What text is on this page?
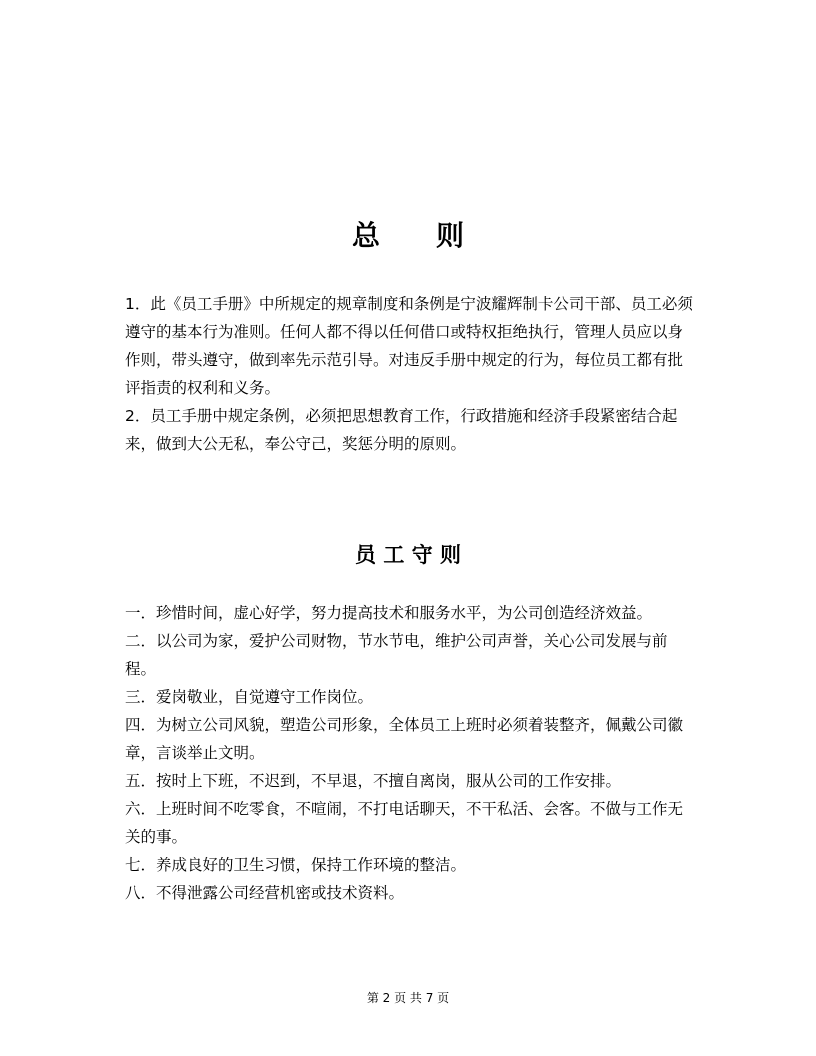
总　　则

1．此《员工手册》中所规定的规章制度和条例是宁波耀辉制卡公司干部、员工必须遵守的基本行为准则。任何人都不得以任何借口或特权拒绝执行，管理人员应以身作则，带头遵守，做到率先示范引导。对违反手册中规定的行为，每位员工都有批评指责的权利和义务。

2．员工手册中规定条例，必须把思想教育工作，行政措施和经济手段紧密结合起来，做到大公无私，奉公守己，奖惩分明的原则。

员 工 守 则

一．珍惜时间，虚心好学，努力提高技术和服务水平，为公司创造经济效益。

二．以公司为家，爱护公司财物，节水节电，维护公司声誉，关心公司发展与前程。

三．爱岗敬业，自觉遵守工作岗位。

四．为树立公司风貌，塑造公司形象，全体员工上班时必须着装整齐，佩戴公司徽章，言谈举止文明。

五．按时上下班，不迟到，不早退，不擅自离岗，服从公司的工作安排。

六．上班时间不吃零食，不喧闹，不打电话聊天，不干私活、会客。不做与工作无关的事。

七．养成良好的卫生习惯，保持工作环境的整洁。

八．不得泄露公司经营机密或技术资料。

第 2 页 共 7 页
